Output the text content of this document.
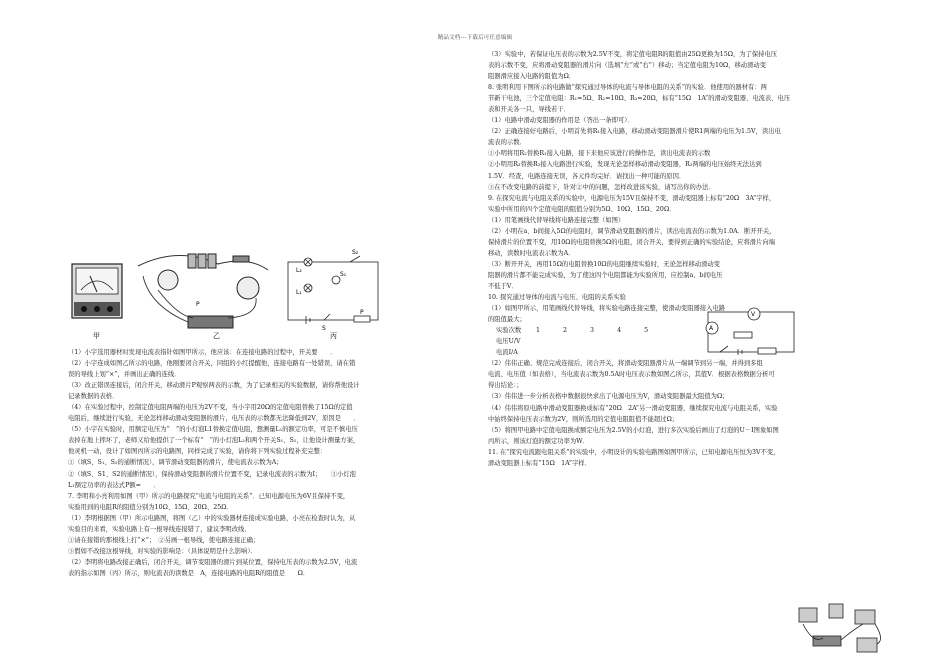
精品文档---下载后可任意编辑
甲
P
乙
L₁
L₂
S₁
S₂
S
P
丙
（1）小宇选用器材时发现电流表指针如图甲所示，他应该：在连接电路的过程中，开关要　　．
（2）小宇连成如图乙所示的电路，他刚要闭合开关，同组的小红提醒他，连接电路有一处错误，请在错
误的导线上划“×”，并画出正确的连线．
（3）改正错误连接后，闭合开关，移动滑片P观察两表的示数，为了记录相关的实验数据，请你帮他设计
记录数据的表格．
（4）在实验过程中，控制定值电阻两端的电压为2V不变，当小宇用20Ω的定值电阻替换了15Ω的定值
电阻后，继续进行实验，无论怎样移动滑动变阻器的滑片，电压表的示数都无法降低到2V，原因是　　．
（5）小宇在实验时，用额定电压为“　”的小灯泡L1替换定值电阻，想测量L₁的额定功率，可是不慎电压
表掉在地上摔坏了，老师又给他提供了一个标有“　”的小灯泡L₂和两个开关S₁、S₂，让他设计测量方案，
他灵机一动，设计了如图丙所示的电路图，同样完成了实验，请你将下列实验过程补充完整：
①（填S、S₁、S₂的通断情况），调节滑动变阻器的滑片，使电流表示数为A；
②（填S、S1、S2的通断情况），保持滑动变阻器的滑片位置不变，记录电流表的示数为I；　　③小灯泡
L₁额定功率的表达式P额=　　．
7. 李明和小亮利用如图（甲）所示的电路探究“电流与电阻的关系”．已知电源电压为6V且保持不变，
实验用到的电阻R的阻值分别为10Ω、15Ω、20Ω、25Ω．
（1）李明根据图（甲）所示电路图，将图（乙）中的实验器材连接成实验电路，小亮在检查时认为，从
实验目的来看，实验电路上有一根导线连接错了，建议李明改线．
①请在接错的那根线上打“×”；　②另画一根导线，使电路连接正确；
③假如不改接这根导线，对实验的影响是：（具体说明是什么影响）．
（2）李明将电路改接正确后，闭合开关，调节变阻器的滑片到某位置，保持电压表的示数为2.5V，电流
表的指示如图（丙）所示，则电流表的读数是　A，连接电路的电阻R的阻值是　　Ω．
（3）实验中，若保证电压表的示数为2.5V不变，将定值电阻R的阻值由25Ω更换为15Ω，为了保持电压
表的示数不变，应将滑动变阻器的滑片向（选填“左”或“右”）移动；当定值电阻为10Ω，移动滑动变
阻器滑应接入电路的阻值为Ω．
8. 张明利用下图所示的电路做“探究通过导体的电流与导体电阻的关系”的实验．他使用的器材有：两
节新干电池，三个定值电阻：R₁=5Ω、R₂=10Ω、R₃=20Ω，标有“15Ω　1A”的滑动变阻器、电流表、电压
表和开关各一只，导线若干．
（1）电路中滑动变阻器的作用是（答出一条即可）．
（2）正确连接好电路后，小明首先将R₁接入电路，移动滑动变阻器滑片使R1两端的电压为1.5V，读出电
流表的示数．
①小明将用R₂替换R₁接入电路，接下来他应该进行的操作是，读出电流表的示数
②小明用R₃替换R₂接入电路进行实验，发现无论怎样移动滑动变阻器，R₃两端的电压始终无法达到
1.5V．经查，电路连接无误，各元件均完好．请找出一种可能的原因．
③在不改变电路的前提下，针对②中的问题，怎样改进该实验，请写出你的办法．
9. 在探究电流与电阻关系的实验中，电源电压为15V且保持不变，滑动变阻器上标有“20Ω　3A”字样，
实验中所用的四个定值电阻的阻值分别为5Ω、10Ω、15Ω、20Ω．
（1）用笔画线代替导线将电路连接完整（如图）
（2）小明在a、b间接入5Ω的电阻时，调节滑动变阻器的滑片，读出电流表的示数为1.0A．断开开关，
保持滑片的位置不变，用10Ω的电阻替换5Ω的电阻，闭合开关，要得到正确的实验结论，应将滑片向端
移动，读数时电流表示数为A．
（3）断开开关，再用15Ω的电阻替换10Ω的电阻继续实验时，无论怎样移动滑动变
阻器的滑片都不能完成实验，为了使这四个电阻都能为实验所用，应控制a、b间电压
不低于V．
10. 探究通过导体的电流与电压、电阻的关系实验
（1）如图甲所示，用笔画线代替导线，将实验电路连接完整，使滑动变阻器接入电路
的阻值最大；
实验次数 1	2	3	4	5
电压U/V
电流I/A
（2）伟伟正确、规范完成连接后，闭合开关，将滑动变阻器滑片从一端调节到另一端，并得到多组
电流、电压值（如表格），当电流表示数为0.5A时电压表示数如图乙所示，其值V．根据表格数据分析可
得出结论：；
（3）伟伟进一步分析表格中数据很快求出了电源电压为V，滑动变阻器最大阻值为Ω；
（4）伟伟将原电路中滑动变阻器换成标有“20Ω　2A”另一滑动变阻器，继续探究电流与电阻关系，实验
中始终保持电压表示数为2V，则所选用的定值电阻阻值不能超过Ω；
（5）将图甲电路中定值电阻换成额定电压为2.5V的小灯泡，进行多次实验后画出了灯泡的U－I图象如图
丙所示，则该灯泡的额定功率为W．
11. 在“探究电流跟电阻关系”的实验中，小明设计的实验电路图如图甲所示，已知电源电压恒为3V不变，
滑动变阻器上标有“15Ω　1A”字样．
A
V
